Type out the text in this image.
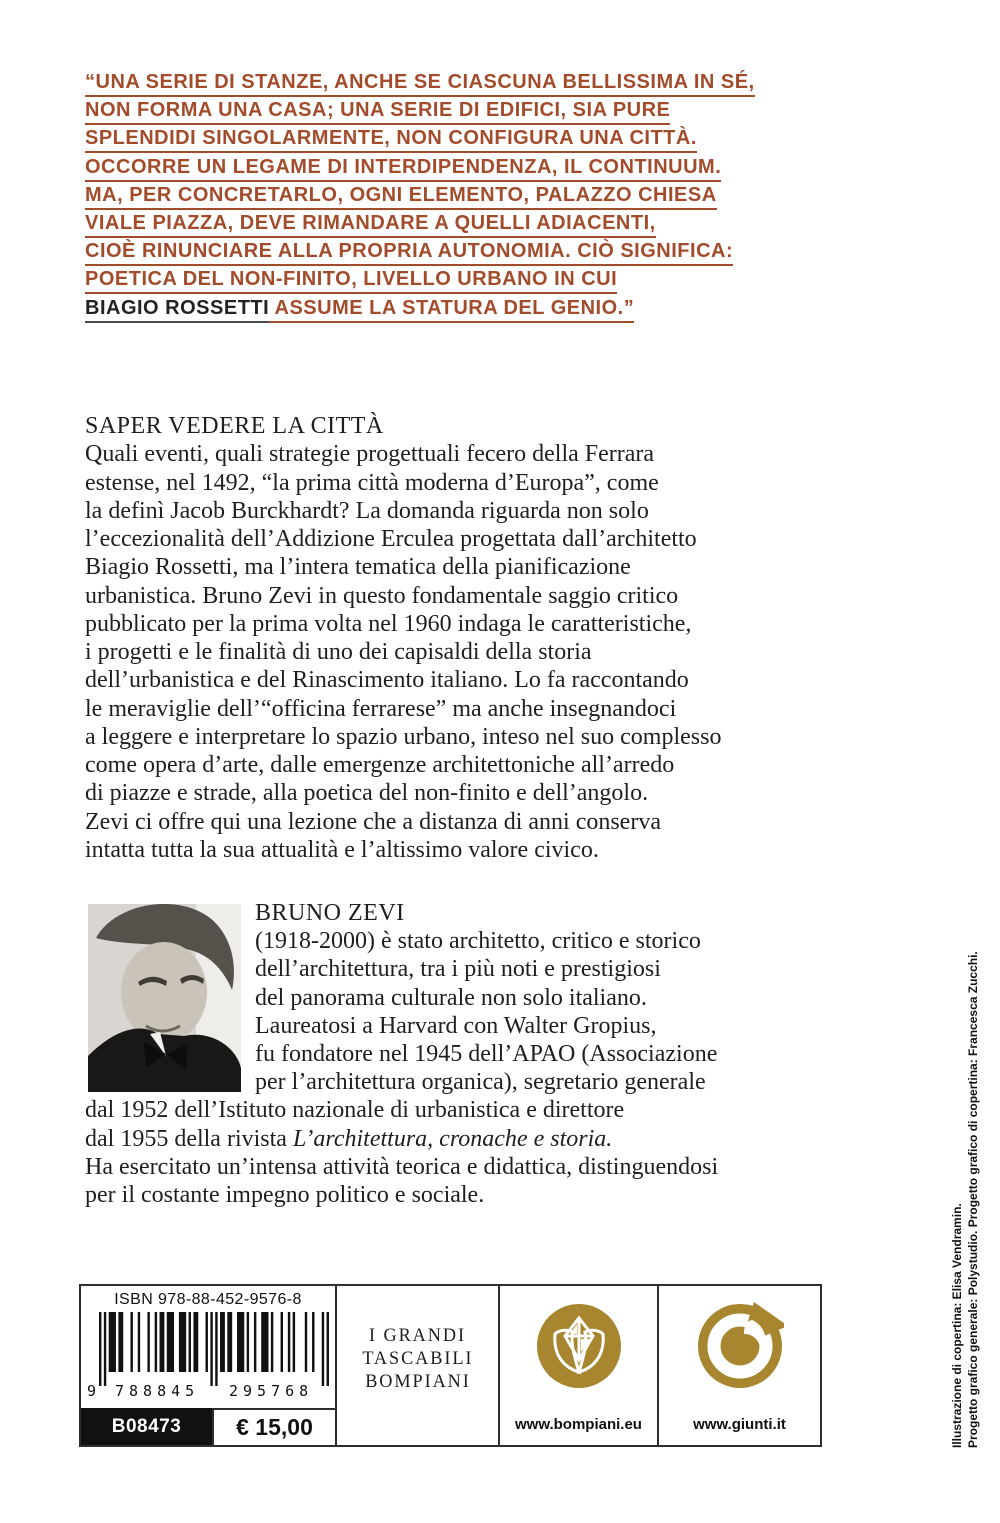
“UNA SERIE DI STANZE, ANCHE SE CIASCUNA BELLISSIMA IN SÉ,
NON FORMA UNA CASA; UNA SERIE DI EDIFICI, SIA PURE
SPLENDIDI SINGOLARMENTE, NON CONFIGURA UNA CITTÀ.
OCCORRE UN LEGAME DI INTERDIPENDENZA, IL CONTINUUM.
MA, PER CONCRETARLO, OGNI ELEMENTO, PALAZZO CHIESA
VIALE PIAZZA, DEVE RIMANDARE A QUELLI ADIACENTI,
CIOÈ RINUNCIARE ALLA PROPRIA AUTONOMIA. CIÒ SIGNIFICA:
POETICA DEL NON-FINITO, LIVELLO URBANO IN CUI
BIAGIO ROSSETTI ASSUME LA STATURA DEL GENIO.”
SAPER VEDERE LA CITTÀ
Quali eventi, quali strategie progettuali fecero della Ferrara
estense, nel 1492, “la prima città moderna d’Europa”, come
la definì Jacob Burckhardt? La domanda riguarda non solo
l’eccezionalità dell’Addizione Erculea progettata dall’architetto
Biagio Rossetti, ma l’intera tematica della pianificazione
urbanistica. Bruno Zevi in questo fondamentale saggio critico
pubblicato per la prima volta nel 1960 indaga le caratteristiche,
i progetti e le finalità di uno dei capisaldi della storia
dell’urbanistica e del Rinascimento italiano. Lo fa raccontando
le meraviglie dell’“officina ferrarese” ma anche insegnandoci
a leggere e interpretare lo spazio urbano, inteso nel suo complesso
come opera d’arte, dalle emergenze architettoniche all’arredo
di piazze e strade, alla poetica del non-finito e dell’angolo.
Zevi ci offre qui una lezione che a distanza di anni conserva
intatta tutta la sua attualità e l’altissimo valore civico.
BRUNO ZEVI
(1918-2000) è stato architetto, critico e storico
dell’architettura, tra i più noti e prestigiosi
del panorama culturale non solo italiano.
Laureatosi a Harvard con Walter Gropius,
fu fondatore nel 1945 dell’APAO (Associazione
per l’architettura organica), segretario generale
dal 1952 dell’Istituto nazionale di urbanistica e direttore
dal 1955 della rivista L’architettura, cronache e storia.
Ha esercitato un’intensa attività teorica e didattica, distinguendosi
per il costante impegno politico e sociale.
ISBN 978-88-452-9576-8
9 788845 295768
B08473	€ 15,00
I GRANDI
TASCABILI
BOMPIANI
www.bompiani.eu	www.giunti.it	Illustrazione di copertina: Elisa Vendramin. Progetto grafico generale: Polystudio. Progetto grafico di copertina: Francesca Zucchi.
